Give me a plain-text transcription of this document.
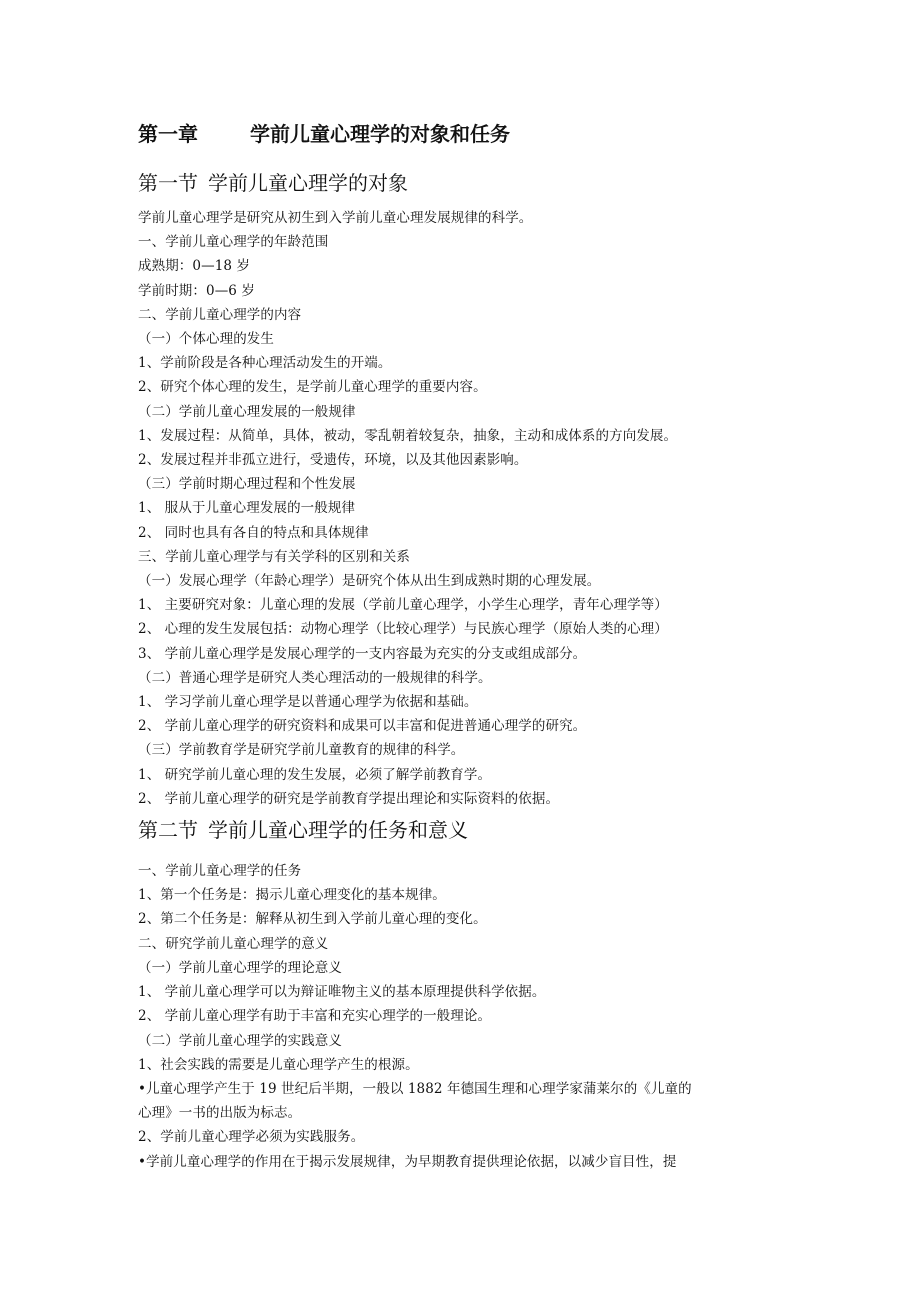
第一章	学前儿童心理学的对象和任务
第一节 学前儿童心理学的对象
学前儿童心理学是研究从初生到入学前儿童心理发展规律的科学。
一、学前儿童心理学的年龄范围
成熟期：0—18 岁
学前时期：0—6 岁
二、学前儿童心理学的内容
（一）个体心理的发生
1、学前阶段是各种心理活动发生的开端。
2、研究个体心理的发生，是学前儿童心理学的重要内容。
（二）学前儿童心理发展的一般规律
1、发展过程：从简单，具体，被动，零乱朝着较复杂，抽象，主动和成体系的方向发展。
2、发展过程并非孤立进行，受遗传，环境，以及其他因素影响。
（三）学前时期心理过程和个性发展
1、 服从于儿童心理发展的一般规律
2、 同时也具有各自的特点和具体规律
三、学前儿童心理学与有关学科的区别和关系
（一）发展心理学（年龄心理学）是研究个体从出生到成熟时期的心理发展。
1、 主要研究对象：儿童心理的发展（学前儿童心理学，小学生心理学，青年心理学等）
2、 心理的发生发展包括：动物心理学（比较心理学）与民族心理学（原始人类的心理）
3、 学前儿童心理学是发展心理学的一支内容最为充实的分支或组成部分。
（二）普通心理学是研究人类心理活动的一般规律的科学。
1、 学习学前儿童心理学是以普通心理学为依据和基础。
2、 学前儿童心理学的研究资料和成果可以丰富和促进普通心理学的研究。
（三）学前教育学是研究学前儿童教育的规律的科学。
1、 研究学前儿童心理的发生发展，必须了解学前教育学。
2、 学前儿童心理学的研究是学前教育学提出理论和实际资料的依据。
第二节 学前儿童心理学的任务和意义
一、学前儿童心理学的任务
1、第一个任务是：揭示儿童心理变化的基本规律。
2、第二个任务是：解释从初生到入学前儿童心理的变化。
二、研究学前儿童心理学的意义
（一）学前儿童心理学的理论意义
1、 学前儿童心理学可以为辩证唯物主义的基本原理提供科学依据。
2、 学前儿童心理学有助于丰富和充实心理学的一般理论。
（二）学前儿童心理学的实践意义
1、社会实践的需要是儿童心理学产生的根源。
•儿童心理学产生于 19 世纪后半期，一般以 1882 年德国生理和心理学家蒲莱尔的《儿童的
心理》一书的出版为标志。
2、学前儿童心理学必须为实践服务。
•学前儿童心理学的作用在于揭示发展规律，为早期教育提供理论依据，以减少盲目性，提
